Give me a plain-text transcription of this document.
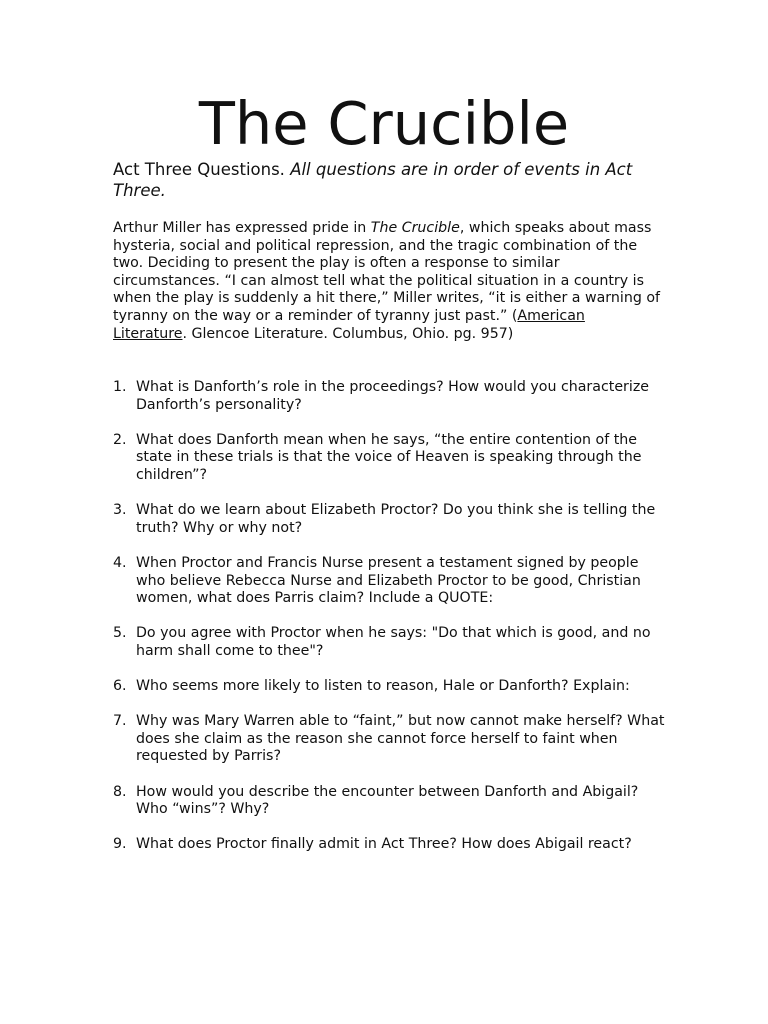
The Crucible

Act Three Questions. All questions are in order of events in Act Three.

Arthur Miller has expressed pride in The Crucible, which speaks about mass hysteria, social and political repression, and the tragic combination of the two. Deciding to present the play is often a response to similar circumstances. “I can almost tell what the political situation in a country is when the play is suddenly a hit there,” Miller writes, “it is either a warning of tyranny on the way or a reminder of tyranny just past.” (American Literature. Glencoe Literature. Columbus, Ohio. pg. 957)

1. What is Danforth’s role in the proceedings? How would you characterize Danforth’s personality?
2. What does Danforth mean when he says, “the entire contention of the state in these trials is that the voice of Heaven is speaking through the children”?
3. What do we learn about Elizabeth Proctor? Do you think she is telling the truth? Why or why not?
4. When Proctor and Francis Nurse present a testament signed by people who believe Rebecca Nurse and Elizabeth Proctor to be good, Christian women, what does Parris claim? Include a QUOTE:
5. Do you agree with Proctor when he says: "Do that which is good, and no harm shall come to thee"?
6. Who seems more likely to listen to reason, Hale or Danforth? Explain:
7. Why was Mary Warren able to “faint,” but now cannot make herself? What does she claim as the reason she cannot force herself to faint when requested by Parris?
8. How would you describe the encounter between Danforth and Abigail? Who “wins”? Why?
9. What does Proctor finally admit in Act Three? How does Abigail react?
